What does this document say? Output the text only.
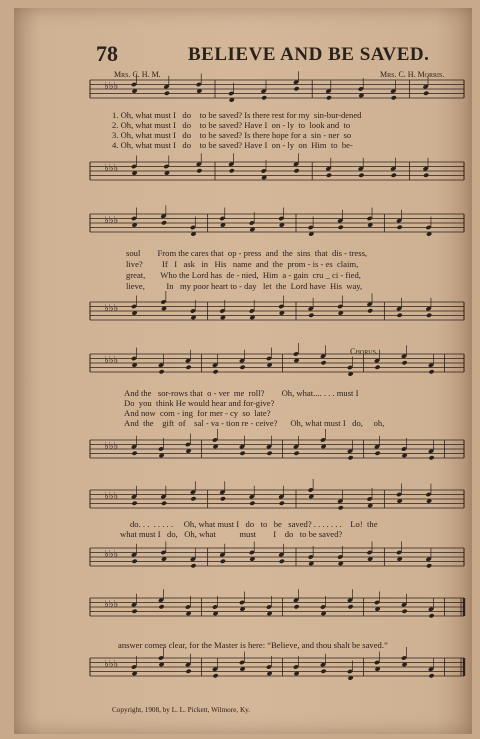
78	BELIEVE AND BE SAVED.
Mrs. C. H. M.	Mrs. C. H. Morris.
Chorus.
Copyright, 1908, by L. L. Pickett, Wilmore, Ky.
♭♭♭
1. Oh, what must I   do    to be saved? Is there rest for my  sin-bur-dened
2. Oh, what must I   do    to be saved? Have I  on - ly  to  look and  to
3. Oh, what must I   do    to be saved? Is there hope for a  sin - ner  so
4. Oh, what must I   do    to be saved? Have I  on - ly  on  Him  to  be-
♭♭♭
♭♭♭
soul        From the cares that  op - press  and  the  sins  that  dis - tress,
live?         If   I   ask   in   His   name  and  the  prom - is - es  claim,
great,       Who the Lord has  de - nied,  Him  a - gain  cru _ ci - fied,
lieve,          In   my poor heart to - day   let  the  Lord have  His  way,
♭♭♭
♭♭♭
And the   sor-rows that  o - ver  me  roll?        Oh, what.... . . . must I
Do  you  think He would hear and for-give?
And now  com - ing  for mer - cy  so  late?
And  the    gift  of    sal - va - tion re - ceive?      Oh, what must I   do,     oh,
♭♭♭
♭♭♭
do. . .  . . . . .     Oh, what must I   do   to   be   saved? . . . . . . .    Lo!  the
what must I   do,   Oh, what           must        I    do   to be saved?
♭♭♭
♭♭♭
answer comes clear, for the Master is here: “Believe, and thou shalt be saved.”
♭♭♭
